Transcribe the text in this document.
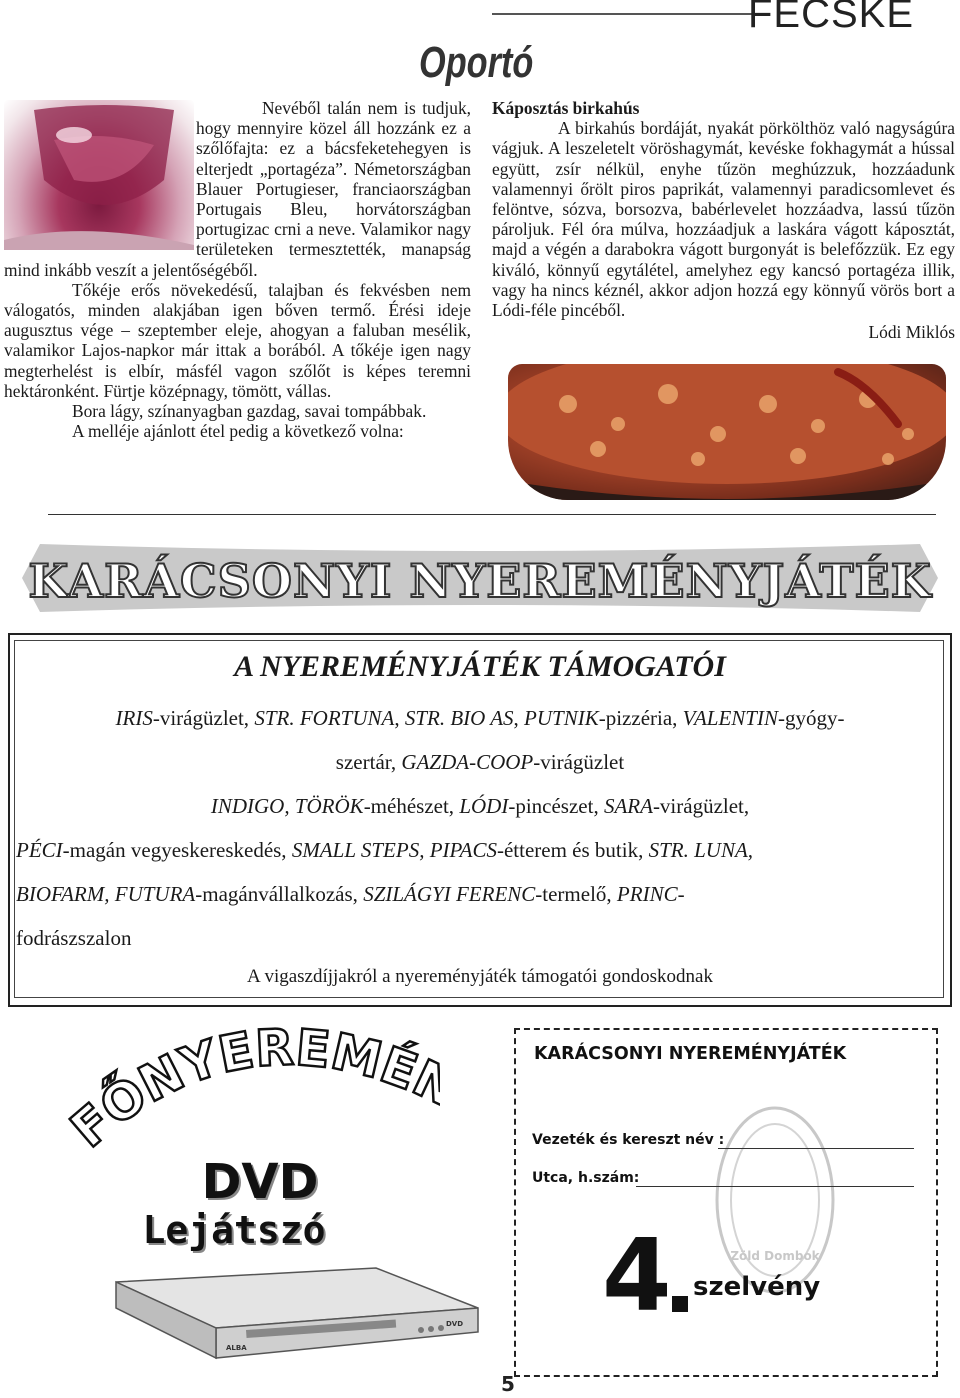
FECSKE
Oportó

Nevéből talán nem is tudjuk, hogy mennyire közel áll hozzánk ez a szőlőfajta: ez a bácsfeketehegyen is elterjedt „portagéza”. Németországban Blauer Portugieser, franciaországban Portugais Bleu, horvátországban portugizac crni a neve. Valamikor nagy területeken termesztették, manapság mind inkább veszít a jelentőségéből.

Tőkéje erős növekedésű, talajban és fekvésben nem válogatós, minden alakjában igen bőven termő. Érési ideje augusztus vége – szeptember eleje, ahogyan a faluban mesélik, valamikor Lajos-napkor már ittak a borából. A tőkéje igen nagy megterhelést is elbír, másfél vagon szőlőt is képes teremni hektáronként. Fürtje középnagy, tömött, vállas.

Bora lágy, színanyagban gazdag, savai tompábbak.

A melléje ajánlott étel pedig a következő volna:

Káposztás birkahús

A birkahús bordáját, nyakát pörkölthöz való nagyságúra vágjuk. A leszeletelt vöröshagymát, kevéske fokhagymát a hússal együtt, zsír nélkül, enyhe tűzön meghúzzuk, hozzáadunk valamennyi őrölt piros paprikát, valamennyi paradicsomlevet és felöntve, sózva, borsozva, babérlevelet hozzáadva, lassú tűzön pároljuk. Fél óra múlva, hozzáadjuk a laskára vágott káposztát, majd a végén a darabokra vágott burgonyát is belefőzzük. Ez egy kiváló, könnyű egytálétel, amelyhez egy kancsó portagéza illik, vagy ha nincs kéznél, akkor adjon hozzá egy könnyű vörös bort a Lódi-féle pincéből.

Lódi Miklós

KARÁCSONYI NYEREMÉNYJÁTÉK
A NYEREMÉNYJÁTÉK TÁMOGATÓI
IRIS-virágüzlet, STR. FORTUNA, STR. BIO AS, PUTNIK-pizzéria, VALENTIN-gyógy-
szertár, GAZDA-COOP-virágüzlet
INDIGO, TÖRÖK-méhészet, LÓDI-pincészet, SARA-virágüzlet,
PÉCI-magán vegyeskereskedés, SMALL STEPS, PIPACS-étterem és butik, STR. LUNA,
BIOFARM, FUTURA-magánvállalkozás, SZILÁGYI FERENC-termelő, PRINC-
fodrászszalon
A vigaszdíjjakról a nyereményjáték támogatói gondoskodnak
FŐNYEREMÉ
DVD
Lejátszó
ALBA
DVD
KARÁCSONYI NYEREMÉNYJÁTÉK
Zöld Dombok
Vezeték és kereszt név :
Utca, h.szám:
4 szelvény
5
